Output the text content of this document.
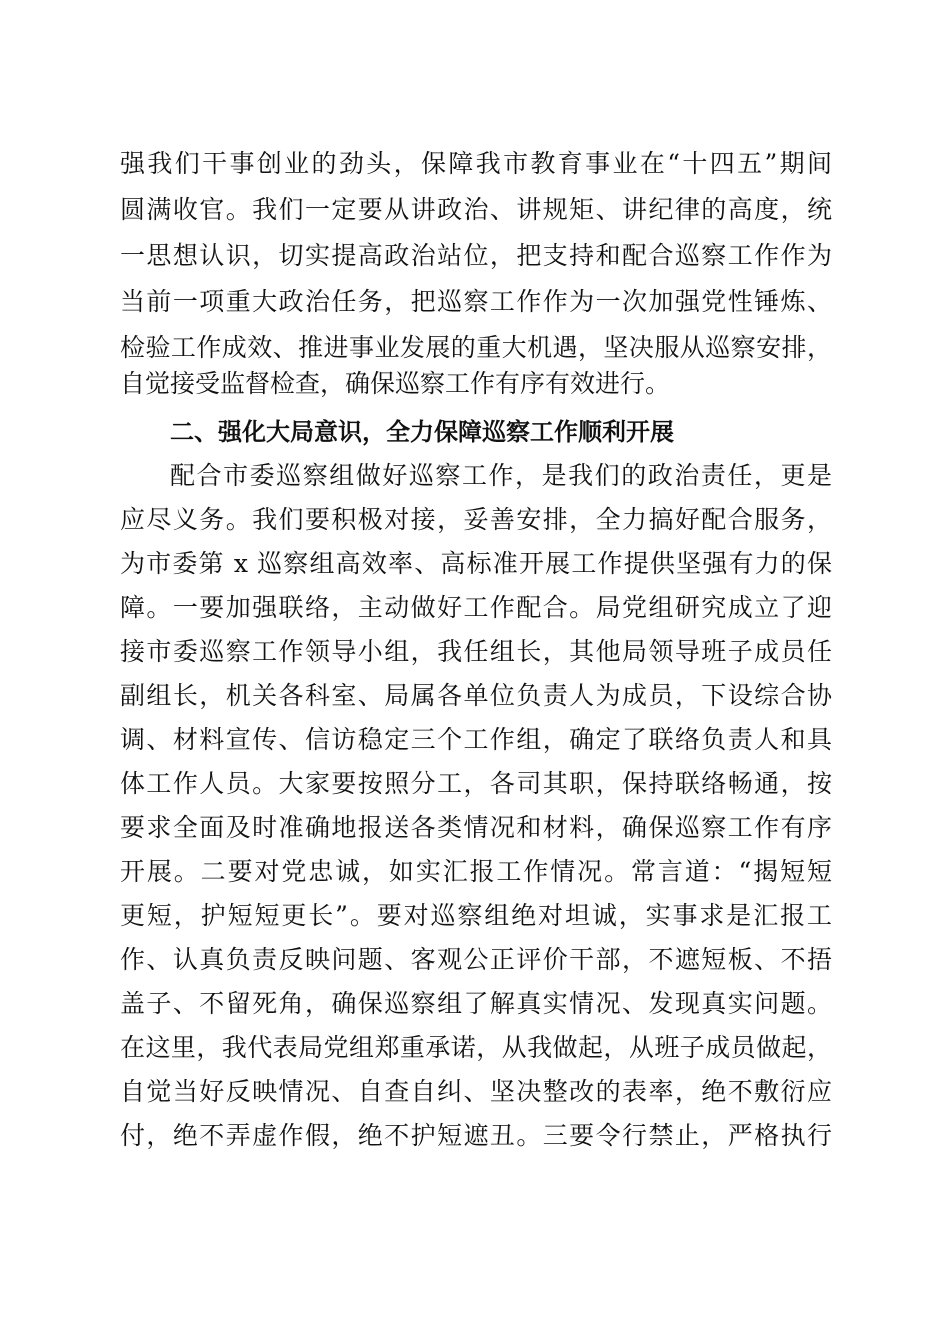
强我们干事创业的劲头，保障我市教育事业在“十四五”期间
圆满收官。我们一定要从讲政治、讲规矩、讲纪律的高度，统
一思想认识，切实提高政治站位，把支持和配合巡察工作作为
当前一项重大政治任务，把巡察工作作为一次加强党性锤炼、
检验工作成效、推进事业发展的重大机遇，坚决服从巡察安排，
自觉接受监督检查，确保巡察工作有序有效进行。
二、强化大局意识，全力保障巡察工作顺利开展
配合市委巡察组做好巡察工作，是我们的政治责任，更是
应尽义务。我们要积极对接，妥善安排，全力搞好配合服务，
为市委第 x 巡察组高效率、高标准开展工作提供坚强有力的保
障。一要加强联络，主动做好工作配合。局党组研究成立了迎
接市委巡察工作领导小组，我任组长，其他局领导班子成员任
副组长，机关各科室、局属各单位负责人为成员，下设综合协
调、材料宣传、信访稳定三个工作组，确定了联络负责人和具
体工作人员。大家要按照分工，各司其职，保持联络畅通，按
要求全面及时准确地报送各类情况和材料，确保巡察工作有序
开展。二要对党忠诚，如实汇报工作情况。常言道：“揭短短
更短，护短短更长”。要对巡察组绝对坦诚，实事求是汇报工
作、认真负责反映问题、客观公正评价干部，不遮短板、不捂
盖子、不留死角，确保巡察组了解真实情况、发现真实问题。
在这里，我代表局党组郑重承诺，从我做起，从班子成员做起，
自觉当好反映情况、自查自纠、坚决整改的表率，绝不敷衍应
付，绝不弄虚作假，绝不护短遮丑。三要令行禁止，严格执行
